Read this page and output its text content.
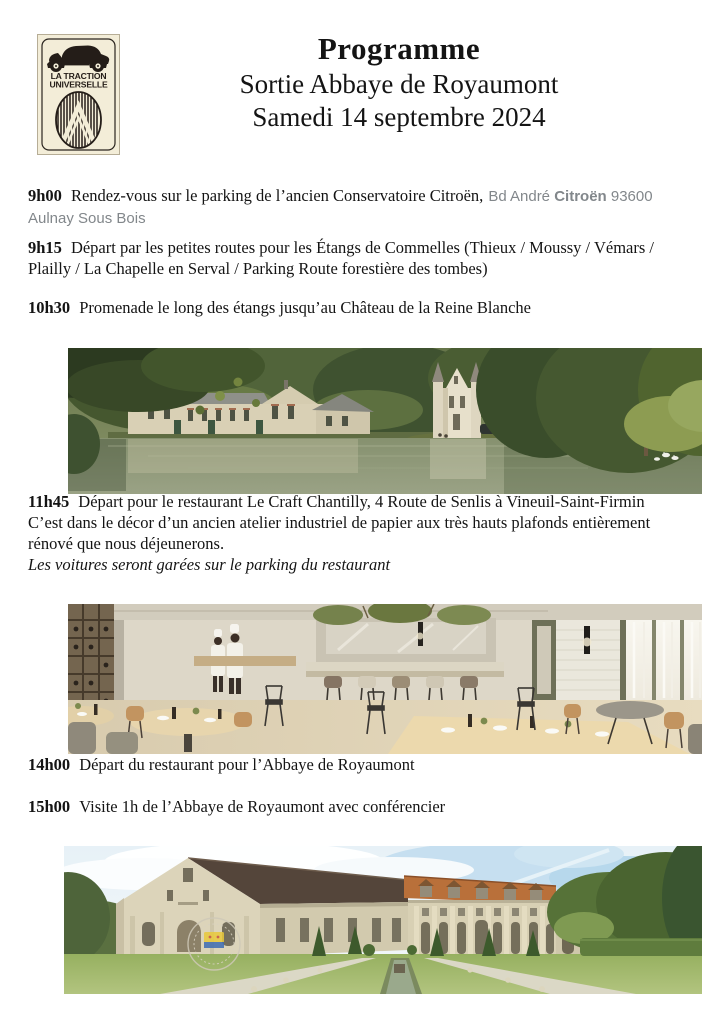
LA TRACTION
UNIVERSELLE
Programme
Sortie Abbaye de Royaumont
Samedi 14 septembre 2024

9h00 Rendez-vous sur le parking de l’ancien Conservatoire Citroën, Bd André Citroën 93600 Aulnay Sous Bois

9h15 Départ par les petites routes pour les Étangs de Commelles (Thieux / Moussy / Vémars / Plailly / La Chapelle en Serval / Parking Route forestière des tombes)

10h30 Promenade le long des étangs jusqu’au Château de la Reine Blanche

11h45 Départ pour le restaurant Le Craft Chantilly, 4 Route de Senlis à Vineuil-Saint-Firmin
C’est dans le décor d’un ancien atelier industriel de papier aux très hauts plafonds entièrement rénové que nous déjeunerons.
Les voitures seront garées sur le parking du restaurant

14h00 Départ du restaurant pour l’Abbaye de Royaumont

15h00 Visite 1h de l’Abbaye de Royaumont avec conférencier
